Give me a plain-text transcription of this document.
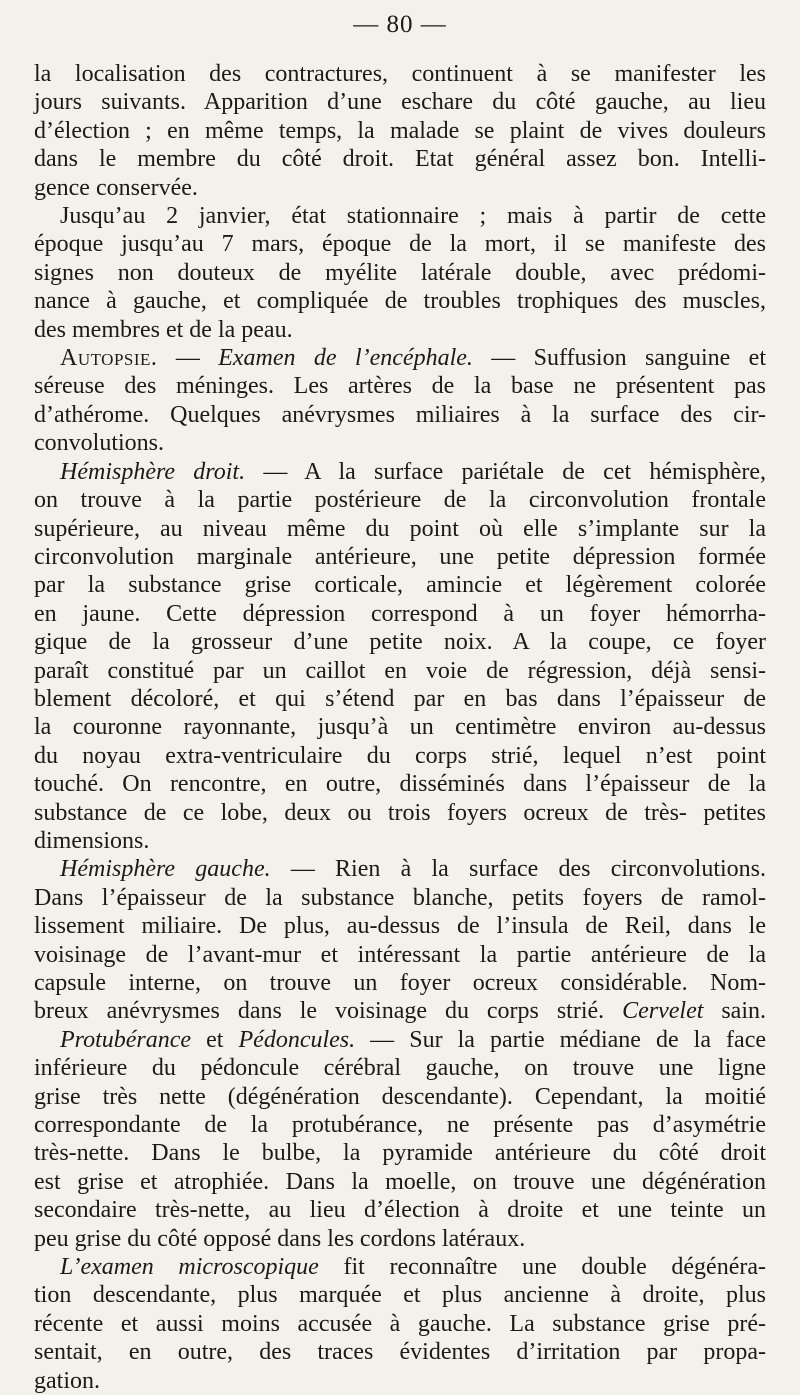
— 80 —
la localisation des contractures, continuent à se manifester les
jours suivants. Apparition d’une eschare du côté gauche, au lieu
d’élection ; en même temps, la malade se plaint de vives douleurs
dans le membre du côté droit. Etat général assez bon. Intelli-
gence conservée.
Jusqu’au 2 janvier, état stationnaire ; mais à partir de cette
époque jusqu’au 7 mars, époque de la mort, il se manifeste des
signes non douteux de myélite latérale double, avec prédomi-
nance à gauche, et compliquée de troubles trophiques des muscles,
des membres et de la peau.
Autopsie. — Examen de l’encéphale. — Suffusion sanguine et
séreuse des méninges. Les artères de la base ne présentent pas
d’athérome. Quelques anévrysmes miliaires à la surface des cir-
convolutions.
Hémisphère droit. — A la surface pariétale de cet hémisphère,
on trouve à la partie postérieure de la circonvolution frontale
supérieure, au niveau même du point où elle s’implante sur la
circonvolution marginale antérieure, une petite dépression formée
par la substance grise corticale, amincie et légèrement colorée
en jaune. Cette dépression correspond à un foyer hémorrha-
gique de la grosseur d’une petite noix. A la coupe, ce foyer
paraît constitué par un caillot en voie de régression, déjà sensi-
blement décoloré, et qui s’étend par en bas dans l’épaisseur de
la couronne rayonnante, jusqu’à un centimètre environ au-dessus
du noyau extra-ventriculaire du corps strié, lequel n’est point
touché. On rencontre, en outre, disséminés dans l’épaisseur de la
substance de ce lobe, deux ou trois foyers ocreux de très- petites
dimensions.
Hémisphère gauche. — Rien à la surface des circonvolutions.
Dans l’épaisseur de la substance blanche, petits foyers de ramol-
lissement miliaire. De plus, au-dessus de l’insula de Reil, dans le
voisinage de l’avant-mur et intéressant la partie antérieure de la
capsule interne, on trouve un foyer ocreux considérable. Nom-
breux anévrysmes dans le voisinage du corps strié. Cervelet sain.
Protubérance et Pédoncules. — Sur la partie médiane de la face
inférieure du pédoncule cérébral gauche, on trouve une ligne
grise très nette (dégénération descendante). Cependant, la moitié
correspondante de la protubérance, ne présente pas d’asymétrie
très-nette. Dans le bulbe, la pyramide antérieure du côté droit
est grise et atrophiée. Dans la moelle, on trouve une dégénération
secondaire très-nette, au lieu d’élection à droite et une teinte un
peu grise du côté opposé dans les cordons latéraux.
L’examen microscopique fit reconnaître une double dégénéra-
tion descendante, plus marquée et plus ancienne à droite, plus
récente et aussi moins accusée à gauche. La substance grise pré-
sentait, en outre, des traces évidentes d’irritation par propa-
gation.
